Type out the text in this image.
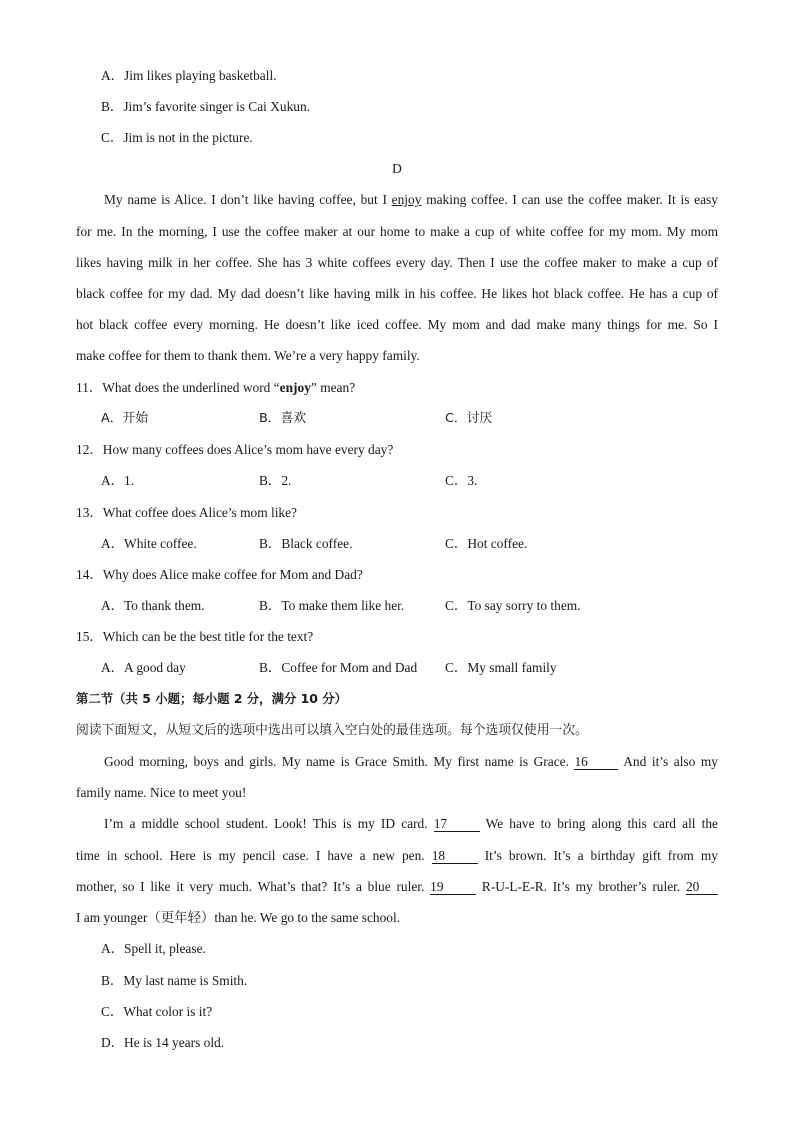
A．Jim likes playing basketball.
B．Jim’s favorite singer is Cai Xukun.
C．Jim is not in the picture.
D
My name is Alice. I don’t like having coffee, but I enjoy making coffee. I can use the coffee maker. It is easy
for me. In the morning, I use the coffee maker at our home to make a cup of white coffee for my mom. My mom
likes having milk in her coffee. She has 3 white coffees every day. Then I use the coffee maker to make a cup of
black coffee for my dad. My dad doesn’t like having milk in his coffee. He likes hot black coffee. He has a cup of
hot black coffee every morning. He doesn’t like iced coffee. My mom and dad make many things for me. So I
make coffee for them to thank them. We’re a very happy family.
11．What does the underlined word “enjoy” mean?
A．开始	B．喜欢	C．讨厌
12．How many coffees does Alice’s mom have every day?
A．1.	B．2.	C．3.
13．What coffee does Alice’s mom like?
A．White coffee.	B．Black coffee.	C．Hot coffee.
14．Why does Alice make coffee for Mom and Dad?
A．To thank them.	B．To make them like her.	C．To say sorry to them.
15．Which can be the best title for the text?
A．A good day	B．Coffee for Mom and Dad C．My small family
第二节（共 5 小题；每小题 2 分，满分 10 分）
阅读下面短文，从短文后的选项中选出可以填入空白处的最佳选项。每个选项仅使用一次。
Good morning, boys and girls. My name is Grace Smith. My first name is Grace. 16	And it’s also my
family name. Nice to meet you!
I’m a middle school student. Look! This is my ID card. 17	We have to bring along this card all the
time in school. Here is my pencil case. I have a new pen. 18	It’s brown. It’s a birthday gift from my
mother, so I like it very much. What’s that? It’s a blue ruler. 19	R-U-L-E-R. It’s my brother’s ruler. 20
I am younger（更年轻）than he. We go to the same school.
A．Spell it, please.
B．My last name is Smith.
C．What color is it?
D．He is 14 years old.
